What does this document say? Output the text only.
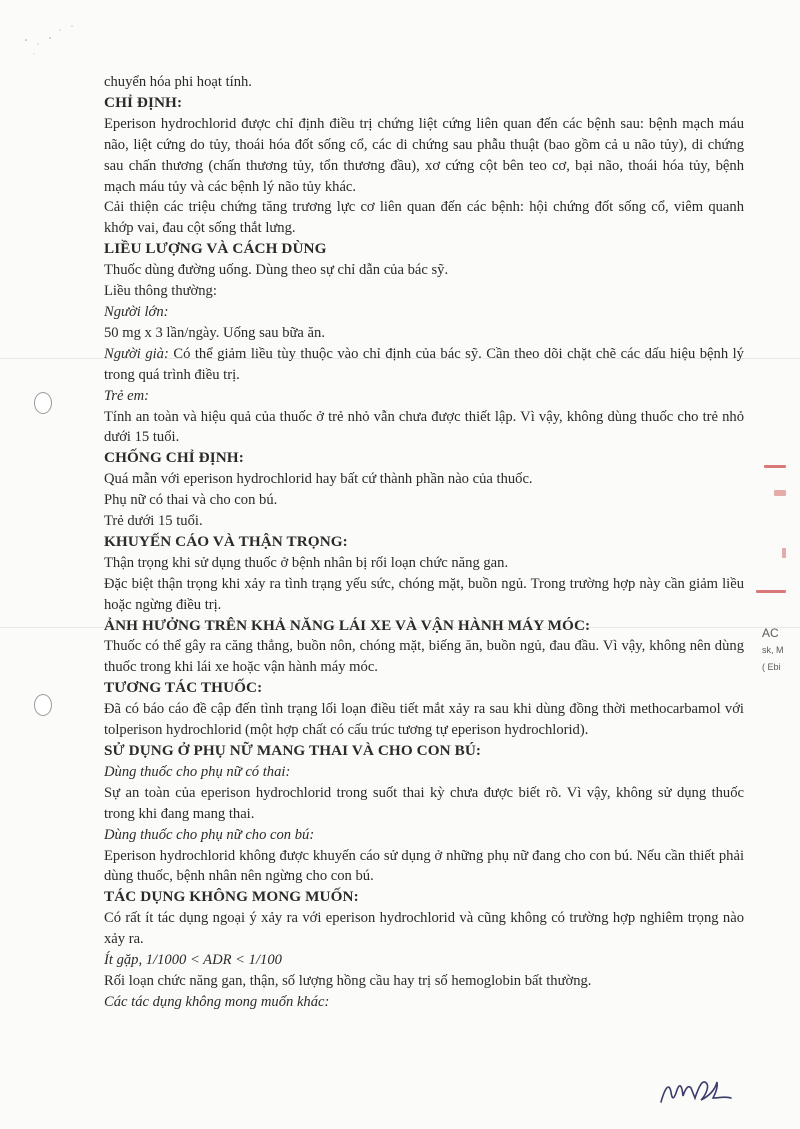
AC
sk, M
( Ebi

chuyển hóa phi hoạt tính.

CHỈ ĐỊNH:

Eperison hydrochlorid được chỉ định điều trị chứng liệt cứng liên quan đến các bệnh sau: bệnh mạch máu não, liệt cứng do tủy, thoái hóa đốt sống cổ, các di chứng sau phẫu thuật (bao gồm cả u não tủy), di chứng sau chấn thương (chấn thương tủy, tổn thương đầu), xơ cứng cột bên teo cơ, bại não, thoái hóa tủy, bệnh mạch máu tủy và các bệnh lý não tủy khác.

Cải thiện các triệu chứng tăng trương lực cơ liên quan đến các bệnh: hội chứng đốt sống cổ, viêm quanh khớp vai, đau cột sống thắt lưng.

LIỀU LƯỢNG VÀ CÁCH DÙNG

Thuốc dùng đường uống. Dùng theo sự chỉ dẫn của bác sỹ.

Liều thông thường:

Người lớn:

50 mg x 3 lần/ngày. Uống sau bữa ăn.

Người già: Có thể giảm liều tùy thuộc vào chỉ định của bác sỹ. Cần theo dõi chặt chẽ các dấu hiệu bệnh lý trong quá trình điều trị.

Trẻ em:

Tính an toàn và hiệu quả của thuốc ở trẻ nhỏ vẫn chưa được thiết lập. Vì vậy, không dùng thuốc cho trẻ nhỏ dưới 15 tuổi.

CHỐNG CHỈ ĐỊNH:

Quá mẫn với eperison hydrochlorid hay bất cứ thành phần nào của thuốc.

Phụ nữ có thai và cho con bú.

Trẻ dưới 15 tuổi.

KHUYẾN CÁO VÀ THẬN TRỌNG:

Thận trọng khi sử dụng thuốc ở bệnh nhân bị rối loạn chức năng gan.

Đặc biệt thận trọng khi xảy ra tình trạng yếu sức, chóng mặt, buồn ngủ. Trong trường hợp này cần giảm liều hoặc ngừng điều trị.

ẢNH HƯỞNG TRÊN KHẢ NĂNG LÁI XE VÀ VẬN HÀNH MÁY MÓC:

Thuốc có thể gây ra căng thẳng, buồn nôn, chóng mặt, biếng ăn, buồn ngủ, đau đầu. Vì vậy, không nên dùng thuốc trong khi lái xe hoặc vận hành máy móc.

TƯƠNG TÁC THUỐC:

Đã có báo cáo đề cập đến tình trạng lối loạn điều tiết mắt xảy ra sau khi dùng đồng thời methocarbamol với tolperison hydrochlorid (một hợp chất có cấu trúc tương tự eperison hydrochlorid).

SỬ DỤNG Ở PHỤ NỮ MANG THAI VÀ CHO CON BÚ:

Dùng thuốc cho phụ nữ có thai:

Sự an toàn của eperison hydrochlorid trong suốt thai kỳ chưa được biết rõ. Vì vậy, không sử dụng thuốc trong khi đang mang thai.

Dùng thuốc cho phụ nữ cho con bú:

Eperison hydrochlorid không được khuyến cáo sử dụng ở những phụ nữ đang cho con bú. Nếu cần thiết phải dùng thuốc, bệnh nhân nên ngừng cho con bú.

TÁC DỤNG KHÔNG MONG MUỐN:

Có rất ít tác dụng ngoại ý xảy ra với eperison hydrochlorid và cũng không có trường hợp nghiêm trọng nào xảy ra.

Ít gặp, 1/1000 < ADR < 1/100

Rối loạn chức năng gan, thận, số lượng hồng cầu hay trị số hemoglobin bất thường.

Các tác dụng không mong muốn khác:
